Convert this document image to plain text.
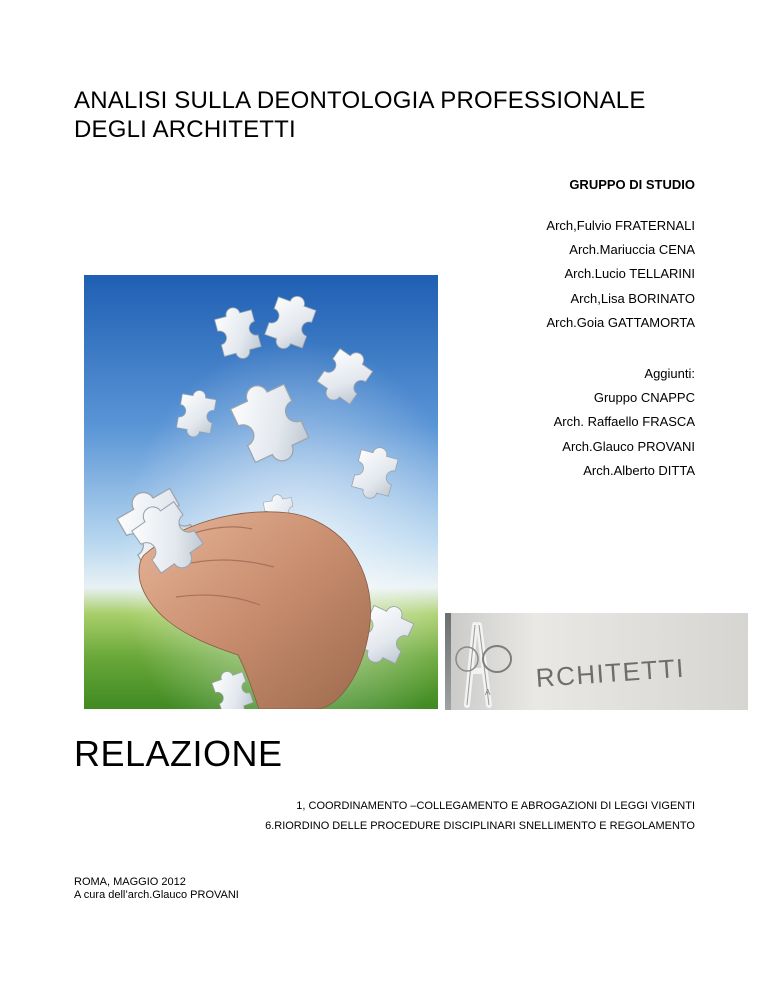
ANALISI SULLA DEONTOLOGIA PROFESSIONALE
DEGLI ARCHITETTI
GRUPPO DI STUDIO
Arch,Fulvio FRATERNALI
Arch.Mariuccia CENA
Arch.Lucio TELLARINI
Arch,Lisa BORINATO
Arch.Goia GATTAMORTA
Aggiunti:
Gruppo CNAPPC
Arch. Raffaello FRASCA
Arch.Glauco PROVANI
Arch.Alberto DITTA
A RCHITETTI
RELAZIONE
1, COORDINAMENTO –COLLEGAMENTO E ABROGAZIONI DI LEGGI VIGENTI
6.RIORDINO DELLE PROCEDURE DISCIPLINARI SNELLIMENTO E REGOLAMENTO
ROMA, MAGGIO 2012
A cura dell’arch.Glauco PROVANI
